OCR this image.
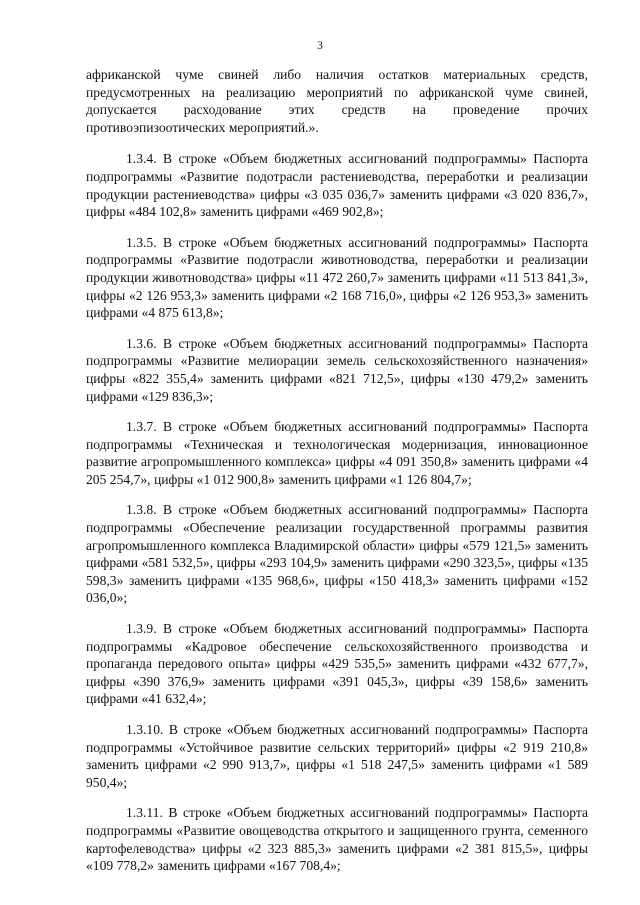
3

африканской чуме свиней либо наличия остатков материальных средств, предусмотренных на реализацию мероприятий по африканской чуме свиней, допускается расходование этих средств на проведение прочих противоэпизоотических мероприятий.».

1.3.4. В строке «Объем бюджетных ассигнований подпрограммы» Паспорта подпрограммы «Развитие подотрасли растениеводства, переработки и реализации продукции растениеводства» цифры «3 035 036,7» заменить цифрами «3 020 836,7», цифры «484 102,8» заменить цифрами «469 902,8»;

1.3.5. В строке «Объем бюджетных ассигнований подпрограммы» Паспорта подпрограммы «Развитие подотрасли животноводства, переработки и реализации продукции животноводства» цифры «11 472 260,7» заменить цифрами «11 513 841,3», цифры «2 126 953,3» заменить цифрами «2 168 716,0», цифры «2 126 953,3» заменить цифрами «4 875 613,8»;

1.3.6. В строке «Объем бюджетных ассигнований подпрограммы» Паспорта подпрограммы «Развитие мелиорации земель сельскохозяйственного назначения» цифры «822 355,4» заменить цифрами «821 712,5», цифры «130 479,2» заменить цифрами «129 836,3»;

1.3.7. В строке «Объем бюджетных ассигнований подпрограммы» Паспорта подпрограммы «Техническая и технологическая модернизация, инновационное развитие агропромышленного комплекса» цифры «4 091 350,8» заменить цифрами «4 205 254,7», цифры «1 012 900,8» заменить цифрами «1 126 804,7»;

1.3.8. В строке «Объем бюджетных ассигнований подпрограммы» Паспорта подпрограммы «Обеспечение реализации государственной программы развития агропромышленного комплекса Владимирской области» цифры «579 121,5» заменить цифрами «581 532,5», цифры «293 104,9» заменить цифрами «290 323,5», цифры «135 598,3» заменить цифрами «135 968,6», цифры «150 418,3» заменить цифрами «152 036,0»;

1.3.9. В строке «Объем бюджетных ассигнований подпрограммы» Паспорта подпрограммы «Кадровое обеспечение сельскохозяйственного производства и пропаганда передового опыта» цифры «429 535,5» заменить цифрами «432 677,7», цифры «390 376,9» заменить цифрами «391 045,3», цифры «39 158,6» заменить цифрами «41 632,4»;

1.3.10. В строке «Объем бюджетных ассигнований подпрограммы» Паспорта подпрограммы «Устойчивое развитие сельских территорий» цифры «2 919 210,8» заменить цифрами «2 990 913,7», цифры «1 518 247,5» заменить цифрами «1 589 950,4»;

1.3.11. В строке «Объем бюджетных ассигнований подпрограммы» Паспорта подпрограммы «Развитие овощеводства открытого и защищенного грунта, семенного картофелеводства» цифры «2 323 885,3» заменить цифрами «2 381 815,5», цифры «109 778,2» заменить цифрами «167 708,4»;
